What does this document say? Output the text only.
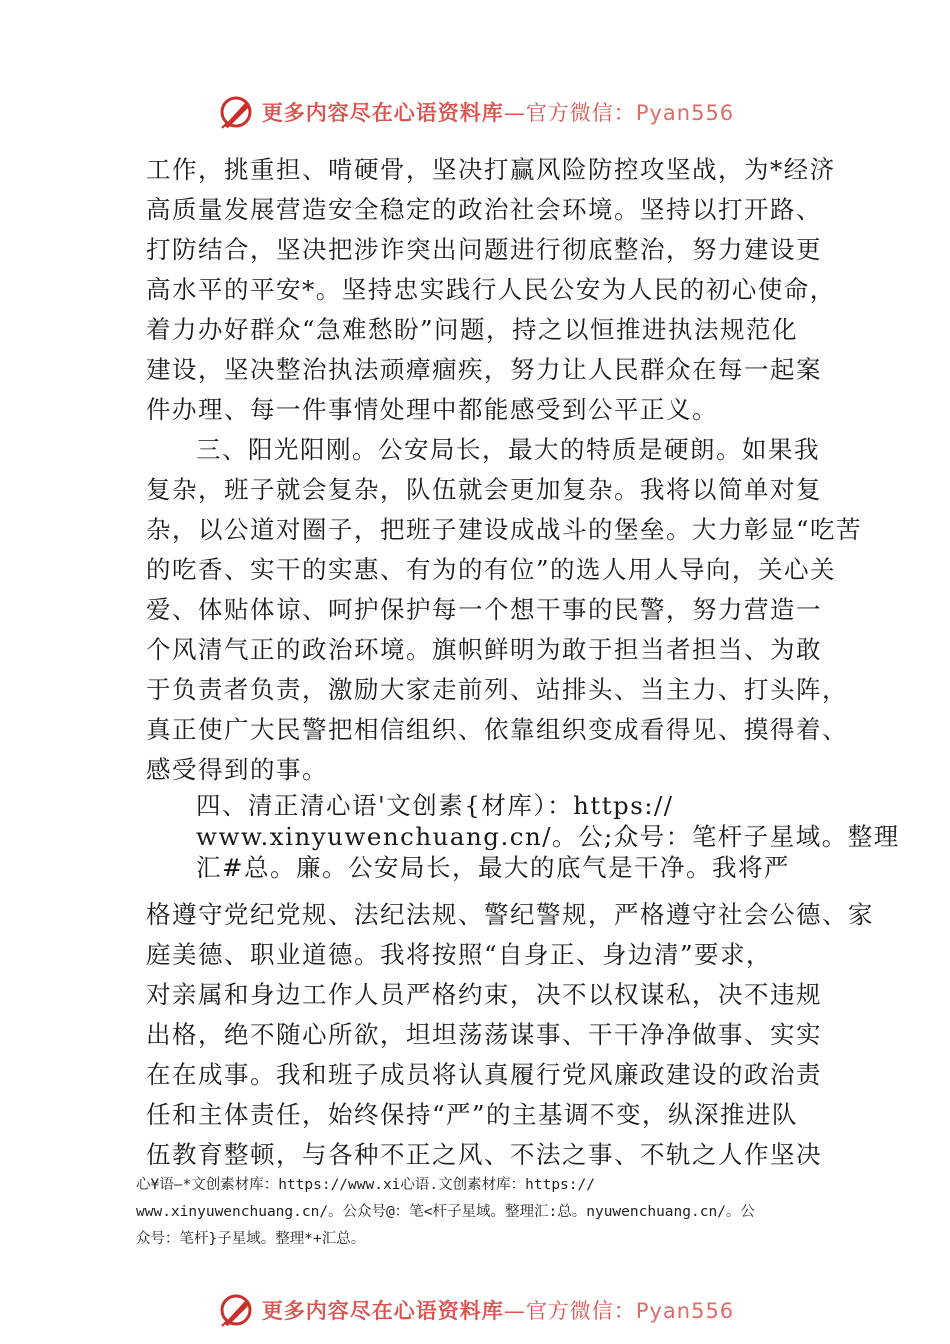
更多内容尽在心语资料库—官方微信：Pyan556
工作，挑重担、啃硬骨，坚决打赢风险防控攻坚战，为*经济
高质量发展营造安全稳定的政治社会环境。坚持以打开路、
打防结合，坚决把涉诈突出问题进行彻底整治，努力建设更
高水平的平安*。坚持忠实践行人民公安为人民的初心使命，
着力办好群众“急难愁盼”问题，持之以恒推进执法规范化
建设，坚决整治执法顽瘴痼疾，努力让人民群众在每一起案
件办理、每一件事情处理中都能感受到公平正义。
三、阳光阳刚。公安局长，最大的特质是硬朗。如果我
复杂，班子就会复杂，队伍就会更加复杂。我将以简单对复
杂，以公道对圈子，把班子建设成战斗的堡垒。大力彰显“吃苦
的吃香、实干的实惠、有为的有位”的选人用人导向，关心关
爱、体贴体谅、呵护保护每一个想干事的民警，努力营造一
个风清气正的政治环境。旗帜鲜明为敢于担当者担当、为敢
于负责者负责，激励大家走前列、站排头、当主力、打头阵，
真正使广大民警把相信组织、依靠组织变成看得见、摸得着、
感受得到的事。
四、清正清心语'文创素{材库）：https://
www.xinyuwenchuang.cn/。公;众号：笔杆子星域。整理
汇#总。廉。公安局长，最大的底气是干净。我将严
格遵守党纪党规、法纪法规、警纪警规，严格遵守社会公德、家
庭美德、职业道德。我将按照“自身正、身边清”要求，
对亲属和身边工作人员严格约束，决不以权谋私，决不违规
出格，绝不随心所欲，坦坦荡荡谋事、干干净净做事、实实
在在成事。我和班子成员将认真履行党风廉政建设的政治责
任和主体责任，始终保持“严”的主基调不变，纵深推进队
伍教育整顿，与各种不正之风、不法之事、不轨之人作坚决
心¥语—*文创素材库：https://www.xi心语.文创素材库：https://
www.xinyuwenchuang.cn/。公众号@：笔<杆子星域。整理汇:总。nyuwenchuang.cn/。公
众号：笔杆}子星域。整理*+汇总。
更多内容尽在心语资料库—官方微信：Pyan556
